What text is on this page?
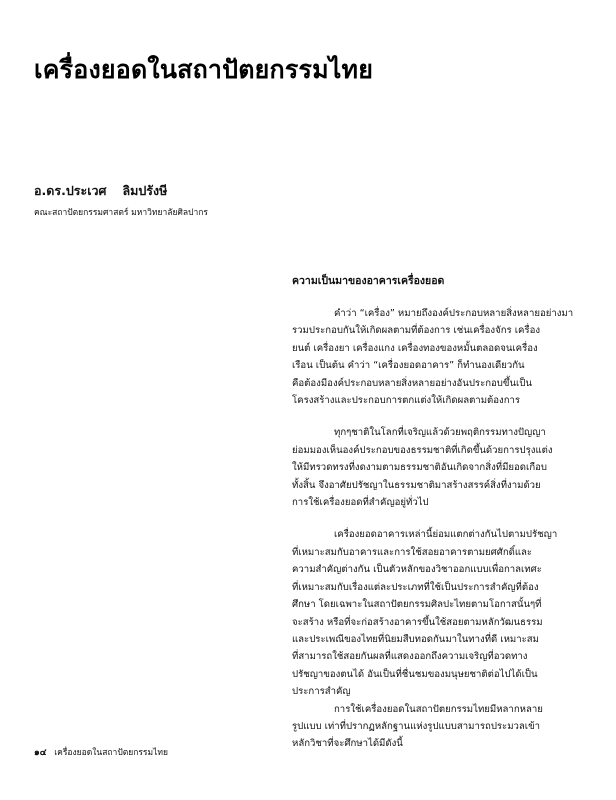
เครื่องยอดในสถาปัตยกรรมไทย
อ.ดร.ประเวศ ลิมปรังษี
คณะสถาปัตยกรรมศาสตร์ มหาวิทยาลัยศิลปากร
ความเป็นมาของอาคารเครื่องยอด

คำว่า “เครื่อง” หมายถึงองค์ประกอบหลายสิ่งหลายอย่างมา
รวมประกอบกันให้เกิดผลตามที่ต้องการ เช่นเครื่องจักร เครื่อง
ยนต์ เครื่องยา เครื่องแกง เครื่องทองของหมั้นตลอดจนเครื่อง
เรือน เป็นต้น คำว่า “เครื่องยอดอาคาร” ก็ทำนองเดียวกัน
คือต้องมีองค์ประกอบหลายสิ่งหลายอย่างอันประกอบขึ้นเป็น
โครงสร้างและประกอบการตกแต่งให้เกิดผลตามต้องการ

ทุกๆชาติในโลกที่เจริญแล้วด้วยพฤติกรรมทางปัญญา
ย่อมมองเห็นองค์ประกอบของธรรมชาติที่เกิดขึ้นด้วยการปรุงแต่ง
ให้มีทรวดทรงที่งดงามตามธรรมชาติอันเกิดจากสิ่งที่มียอดเกือบ
ทั้งสิ้น จึงอาศัยปรัชญาในธรรมชาติมาสร้างสรรค์สิ่งที่งามด้วย
การใช้เครื่องยอดที่สำคัญอยู่ทั่วไป

เครื่องยอดอาคารเหล่านี้ย่อมแตกต่างกันไปตามปรัชญา
ที่เหมาะสมกับอาคารและการใช้สอยอาคารตามยศศักดิ์และ
ความสำคัญต่างกัน เป็นตัวหลักของวิชาออกแบบเพื่อกาลเทศะ
ที่เหมาะสมกับเรื่องแต่ละประเภทที่ใช้เป็นประการสำคัญที่ต้อง
ศึกษา โดยเฉพาะในสถาปัตยกรรมศิลปะไทยตามโอกาสนั้นๆที่
จะสร้าง หรือที่จะก่อสร้างอาคารขึ้นใช้สอยตามหลักวัฒนธรรม
และประเพณีของไทยที่นิยมสืบทอดกันมาในทางที่ดี เหมาะสม
ที่สามารถใช้สอยกันผลที่แสดงออกถึงความเจริญที่อวดทาง
ปรัชญาของตนได้ อันเป็นที่ชื่นชมของมนุษยชาติต่อไปได้เป็น
ประการสำคัญ

การใช้เครื่องยอดในสถาปัตยกรรมไทยมีหลากหลาย
รูปแบบ เท่าที่ปรากฏหลักฐานแห่งรูปแบบสามารถประมวลเข้า
หลักวิชาที่จะศึกษาได้มีดังนี้

๑๔ เครื่องยอดในสถาปัตยกรรมไทย
